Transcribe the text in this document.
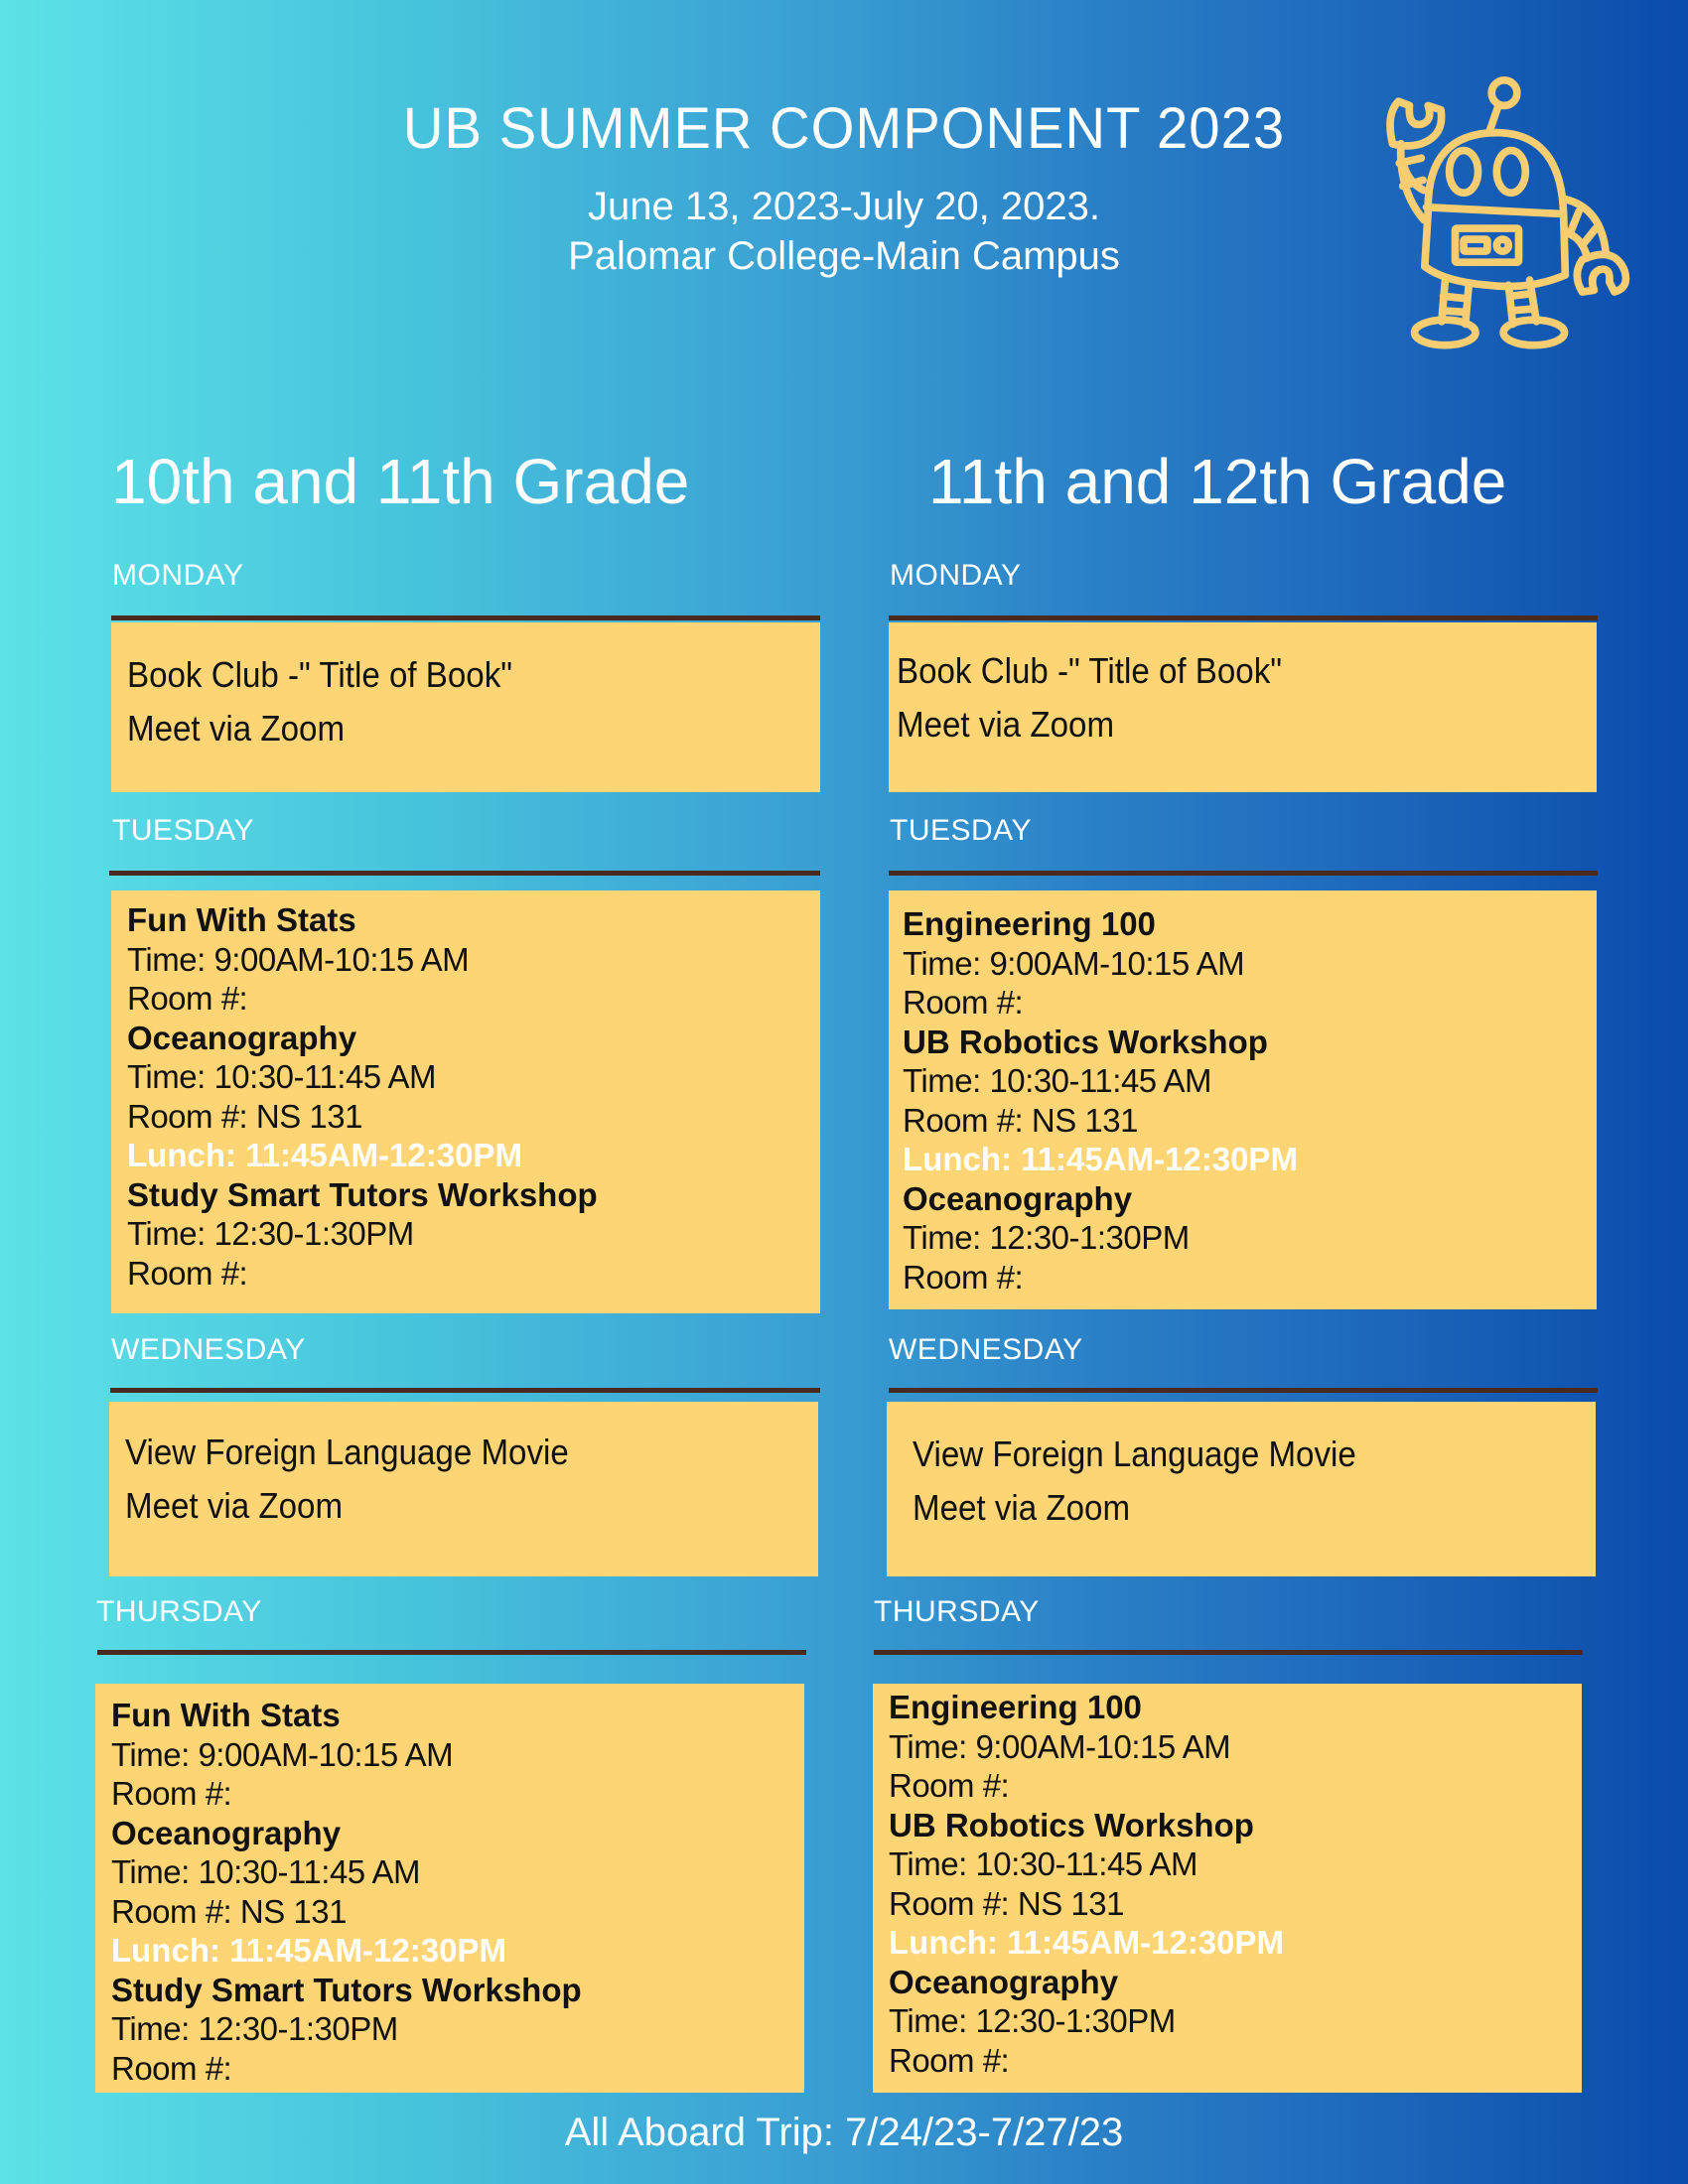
UB SUMMER COMPONENT 2023
June 13, 2023-July 20, 2023.
Palomar College-Main Campus
10th and 11th Grade
MONDAY
Book Club -" Title of Book"
Meet via Zoom
TUESDAY
Fun With Stats
Time: 9:00AM-10:15 AM
Room #:
Oceanography
Time: 10:30-11:45 AM
Room #: NS 131
Lunch: 11:45AM-12:30PM
Study Smart Tutors Workshop
Time: 12:30-1:30PM
Room #:
WEDNESDAY
View Foreign Language Movie
Meet via Zoom
THURSDAY
Fun With Stats
Time: 9:00AM-10:15 AM
Room #:
Oceanography
Time: 10:30-11:45 AM
Room #: NS 131
Lunch: 11:45AM-12:30PM
Study Smart Tutors Workshop
Time: 12:30-1:30PM
Room #:
11th and 12th Grade
MONDAY
Book Club -" Title of Book"
Meet via Zoom
TUESDAY
Engineering 100
Time: 9:00AM-10:15 AM
Room #:
UB Robotics Workshop
Time: 10:30-11:45 AM
Room #: NS 131
Lunch: 11:45AM-12:30PM
Oceanography
Time: 12:30-1:30PM
Room #:
WEDNESDAY
View Foreign Language Movie
Meet via Zoom
THURSDAY
Engineering 100
Time: 9:00AM-10:15 AM
Room #:
UB Robotics Workshop
Time: 10:30-11:45 AM
Room #: NS 131
Lunch: 11:45AM-12:30PM
Oceanography
Time: 12:30-1:30PM
Room #:
All Aboard Trip: 7/24/23-7/27/23
